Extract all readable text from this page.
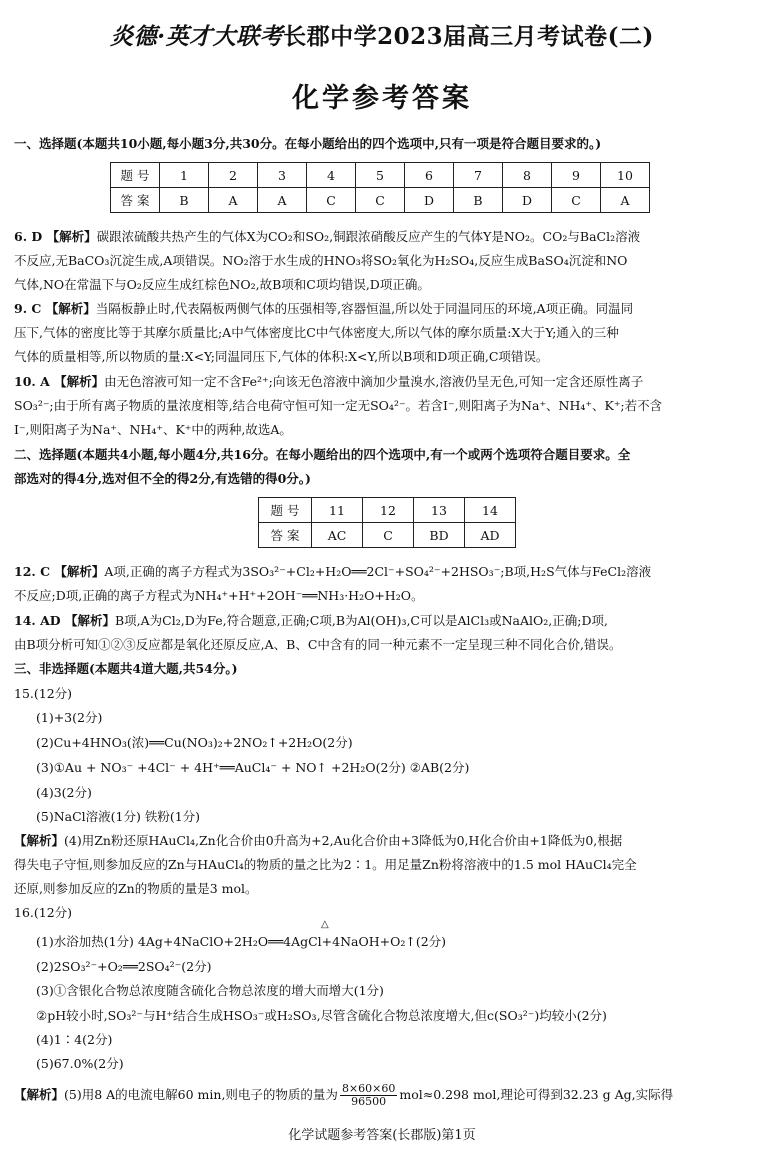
炎德·英才大联考长郡中学2023届高三月考试卷(二)
化学参考答案
一、选择题(本题共10小题,每小题3分,共30分。在每小题给出的四个选项中,只有一项是符合题目要求的。)
题 号	1	2	3	4	5	6	7	8	9	10
答 案	B	A	A	C	C	D	B	D	C	A
6. D 【解析】碳跟浓硫酸共热产生的气体X为CO₂和SO₂,铜跟浓硝酸反应产生的气体Y是NO₂。CO₂与BaCl₂溶液
不反应,无BaCO₃沉淀生成,A项错误。NO₂溶于水生成的HNO₃将SO₂氧化为H₂SO₄,反应生成BaSO₄沉淀和NO
气体,NO在常温下与O₂反应生成红棕色NO₂,故B项和C项均错误,D项正确。
9. C 【解析】当隔板静止时,代表隔板两侧气体的压强相等,容器恒温,所以处于同温同压的环境,A项正确。同温同
压下,气体的密度比等于其摩尔质量比;A中气体密度比C中气体密度大,所以气体的摩尔质量:X大于Y;通入的三种
气体的质量相等,所以物质的量:X<Y;同温同压下,气体的体积:X<Y,所以B项和D项正确,C项错误。
10. A 【解析】由无色溶液可知一定不含Fe²⁺;向该无色溶液中滴加少量溴水,溶液仍呈无色,可知一定含还原性离子
SO₃²⁻;由于所有离子物质的量浓度相等,结合电荷守恒可知一定无SO₄²⁻。若含I⁻,则阳离子为Na⁺、NH₄⁺、K⁺;若不含
I⁻,则阳离子为Na⁺、NH₄⁺、K⁺中的两种,故选A。
二、选择题(本题共4小题,每小题4分,共16分。在每小题给出的四个选项中,有一个或两个选项符合题目要求。全
部选对的得4分,选对但不全的得2分,有选错的得0分。)
题 号	11	12	13	14
答 案	AC	C	BD	AD
12. C 【解析】A项,正确的离子方程式为3SO₃²⁻+Cl₂+H₂O══2Cl⁻+SO₄²⁻+2HSO₃⁻;B项,H₂S气体与FeCl₂溶液
不反应;D项,正确的离子方程式为NH₄⁺+H⁺+2OH⁻══NH₃·H₂O+H₂O。
14. AD 【解析】B项,A为Cl₂,D为Fe,符合题意,正确;C项,B为Al(OH)₃,C可以是AlCl₃或NaAlO₂,正确;D项,
由B项分析可知①②③反应都是氧化还原反应,A、B、C中含有的同一种元素不一定呈现三种不同化合价,错误。
三、非选择题(本题共4道大题,共54分。)
15.(12分)
(1)+3(2分)
(2)Cu+4HNO₃(浓)══Cu(NO₃)₂+2NO₂↑+2H₂O(2分)
(3)①Au + NO₃⁻ +4Cl⁻ + 4H⁺══AuCl₄⁻ + NO↑ +2H₂O(2分) ②AB(2分)
(4)3(2分)
(5)NaCl溶液(1分) 铁粉(1分)
【解析】(4)用Zn粉还原HAuCl₄,Zn化合价由0升高为+2,Au化合价由+3降低为0,H化合价由+1降低为0,根据
得失电子守恒,则参加反应的Zn与HAuCl₄的物质的量之比为2∶1。用足量Zn粉将溶液中的1.5 mol HAuCl₄完全
还原,则参加反应的Zn的物质的量是3 mol。
16.(12分)
(1)水浴加热(1分) 4Ag+4NaClO+2H₂O══4AgCl+4NaOH+O₂↑(2分)
△
(2)2SO₃²⁻+O₂══2SO₄²⁻(2分)
(3)①含银化合物总浓度随含硫化合物总浓度的增大而增大(1分)
②pH较小时,SO₃²⁻与H⁺结合生成HSO₃⁻或H₂SO₃,尽管含硫化合物总浓度增大,但c(SO₃²⁻)均较小(2分)
(4)1∶4(2分)
(5)67.0%(2分)
【解析】(5)用8 A的电流电解60 min,则电子的物质的量为 $\frac{8\times 60\times 60}{96500} mol\approx 0.298$ mol,理论可得到32.23 g Ag,实际得
化学试题参考答案(长郡版)第1页
